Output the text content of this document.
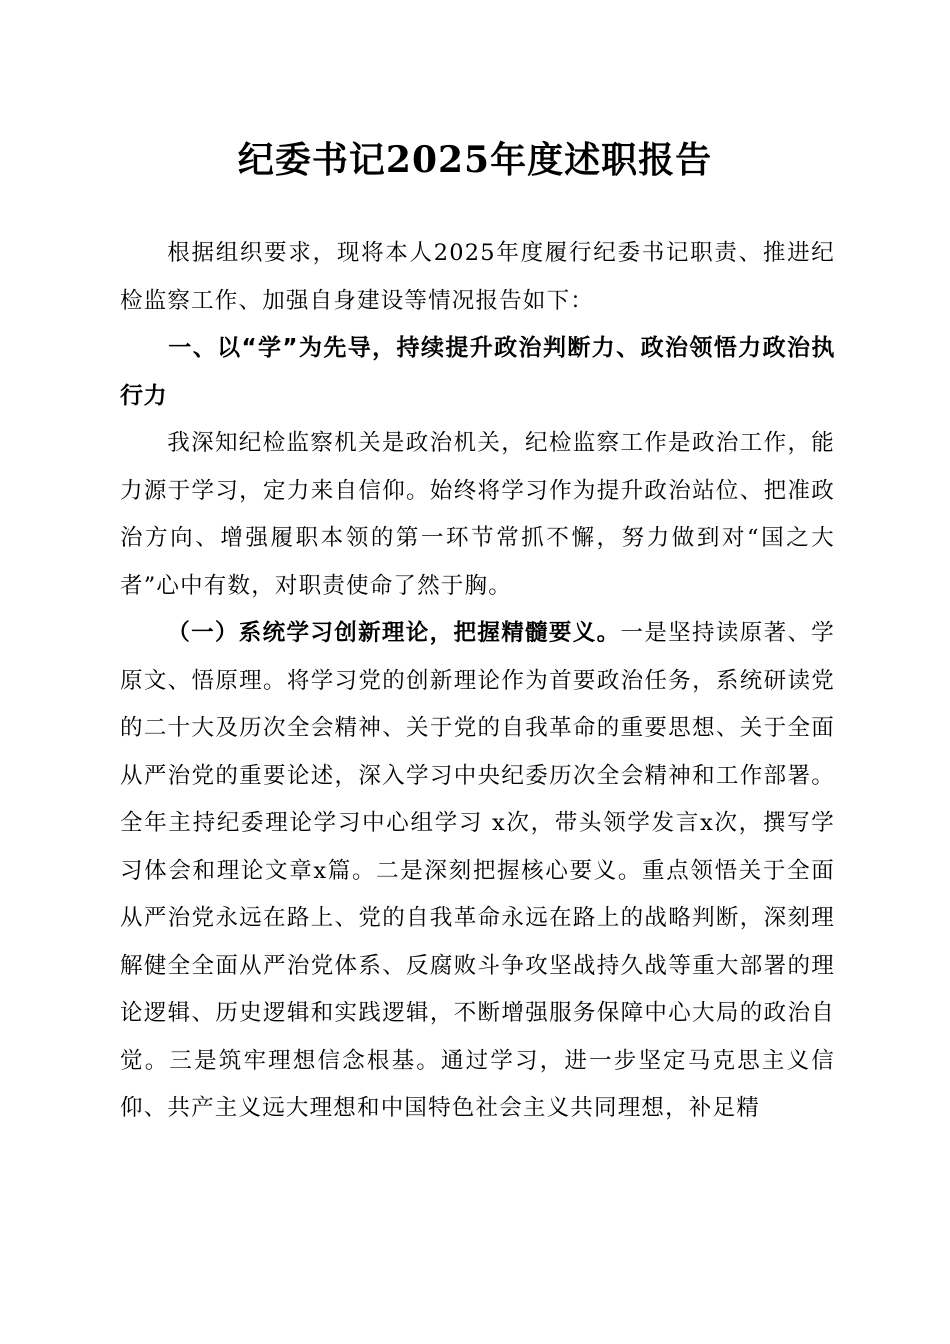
纪委书记2025年度述职报告

根据组织要求，现将本人2025年度履行纪委书记职责、推进纪检监察工作、加强自身建设等情况报告如下：

一、以“学”为先导，持续提升政治判断力、政治领悟力政治执行力

我深知纪检监察机关是政治机关，纪检监察工作是政治工作，能力源于学习，定力来自信仰。始终将学习作为提升政治站位、把准政治方向、增强履职本领的第一环节常抓不懈，努力做到对“国之大者”心中有数，对职责使命了然于胸。

（一）系统学习创新理论，把握精髓要义。一是坚持读原著、学原文、悟原理。将学习党的创新理论作为首要政治任务，系统研读党的二十大及历次全会精神、关于党的自我革命的重要思想、关于全面从严治党的重要论述，深入学习中央纪委历次全会精神和工作部署。全年主持纪委理论学习中心组学习 x次，带头领学发言x次，撰写学习体会和理论文章x篇。二是深刻把握核心要义。重点领悟关于全面从严治党永远在路上、党的自我革命永远在路上的战略判断，深刻理解健全全面从严治党体系、反腐败斗争攻坚战持久战等重大部署的理论逻辑、历史逻辑和实践逻辑，不断增强服务保障中心大局的政治自觉。三是筑牢理想信念根基。通过学习，进一步坚定马克思主义信仰、共产主义远大理想和中国特色社会主义共同理想，补足精
